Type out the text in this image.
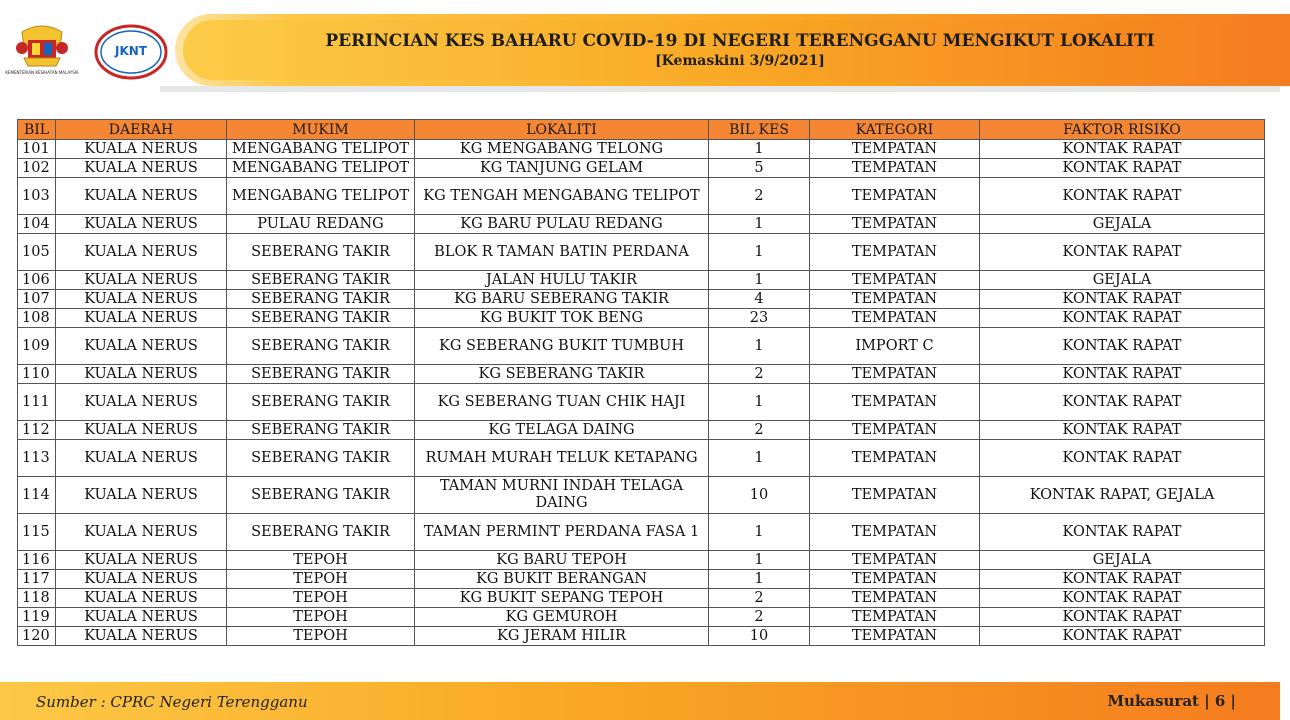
KEMENTERIAN KESIHATAN MALAYSIA
JKNT	PERINCIAN KES BAHARU COVID-19 DI NEGERI TERENGGANU MENGIKUT LOKALITI
[Kemaskini 3/9/2021]
BIL	DAERAH	MUKIM	LOKALITI	BIL KES	KATEGORI	FAKTOR RISIKO
101	KUALA NERUS	MENGABANG TELIPOT	KG MENGABANG TELONG	1	TEMPATAN	KONTAK RAPAT
102	KUALA NERUS	MENGABANG TELIPOT	KG TANJUNG GELAM	5	TEMPATAN	KONTAK RAPAT
103	KUALA NERUS	MENGABANG TELIPOT	KG TENGAH MENGABANG TELIPOT	2	TEMPATAN	KONTAK RAPAT
104	KUALA NERUS	PULAU REDANG	KG BARU PULAU REDANG	1	TEMPATAN	GEJALA
105	KUALA NERUS	SEBERANG TAKIR	BLOK R TAMAN BATIN PERDANA	1	TEMPATAN	KONTAK RAPAT
106	KUALA NERUS	SEBERANG TAKIR	JALAN HULU TAKIR	1	TEMPATAN	GEJALA
107	KUALA NERUS	SEBERANG TAKIR	KG BARU SEBERANG TAKIR	4	TEMPATAN	KONTAK RAPAT
108	KUALA NERUS	SEBERANG TAKIR	KG BUKIT TOK BENG	23	TEMPATAN	KONTAK RAPAT
109	KUALA NERUS	SEBERANG TAKIR	KG SEBERANG BUKIT TUMBUH	1	IMPORT C	KONTAK RAPAT
110	KUALA NERUS	SEBERANG TAKIR	KG SEBERANG TAKIR	2	TEMPATAN	KONTAK RAPAT
111	KUALA NERUS	SEBERANG TAKIR	KG SEBERANG TUAN CHIK HAJI	1	TEMPATAN	KONTAK RAPAT
112	KUALA NERUS	SEBERANG TAKIR	KG TELAGA DAING	2	TEMPATAN	KONTAK RAPAT
113	KUALA NERUS	SEBERANG TAKIR	RUMAH MURAH TELUK KETAPANG	1	TEMPATAN	KONTAK RAPAT
114	KUALA NERUS	SEBERANG TAKIR	TAMAN MURNI INDAH TELAGA DAING	10	TEMPATAN	KONTAK RAPAT, GEJALA
115	KUALA NERUS	SEBERANG TAKIR	TAMAN PERMINT PERDANA FASA 1	1	TEMPATAN	KONTAK RAPAT
116	KUALA NERUS	TEPOH	KG BARU TEPOH	1	TEMPATAN	GEJALA
117	KUALA NERUS	TEPOH	KG BUKIT BERANGAN	1	TEMPATAN	KONTAK RAPAT
118	KUALA NERUS	TEPOH	KG BUKIT SEPANG TEPOH	2	TEMPATAN	KONTAK RAPAT
119	KUALA NERUS	TEPOH	KG GEMUROH	2	TEMPATAN	KONTAK RAPAT
120	KUALA NERUS	TEPOH	KG JERAM HILIR	10	TEMPATAN	KONTAK RAPAT
Sumber : CPRC Negeri Terengganu	Mukasurat | 6 |
